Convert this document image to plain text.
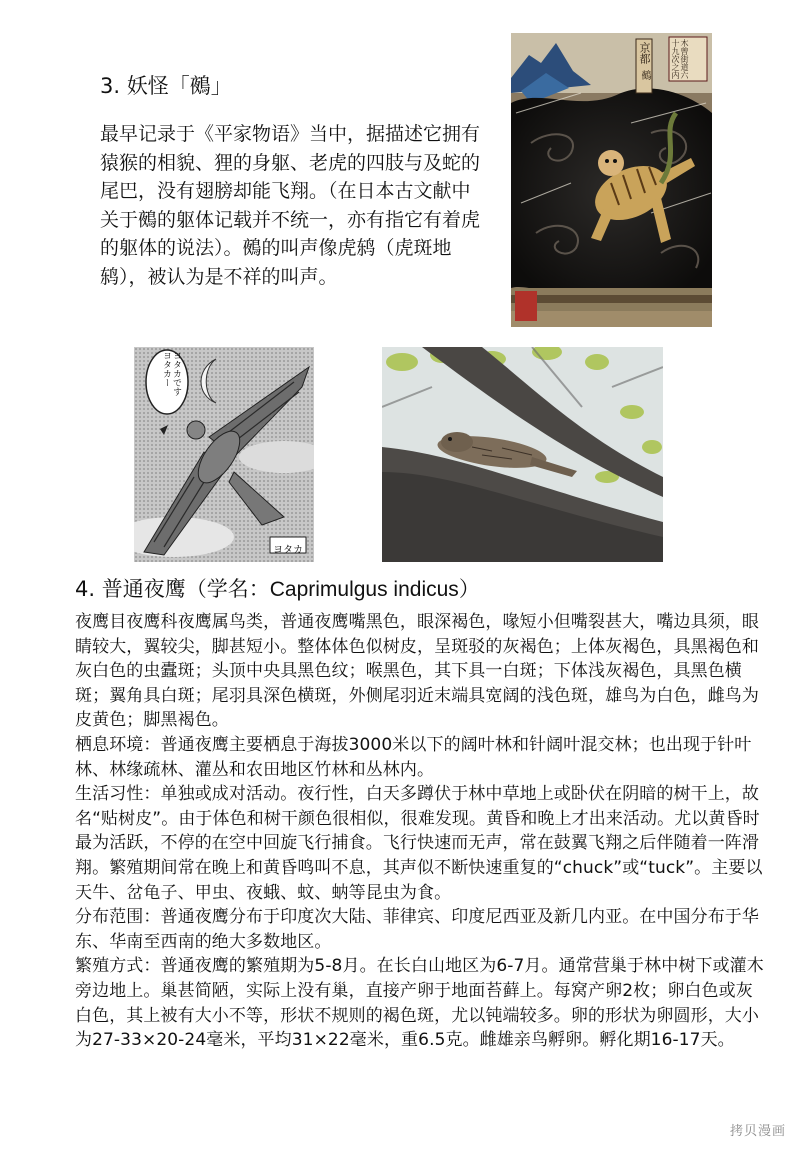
3. 妖怪「鵺」

最早记录于《平家物语》当中，据描述它拥有猿猴的相貌、狸的身躯、老虎的四肢与及蛇的尾巴，没有翅膀却能飞翔。（在日本古文献中关于鵺的躯体记载并不统一，亦有指它有着虎的躯体的说法）。鵺的叫声像虎鸫（虎斑地鸫），被认为是不祥的叫声。

木曾街道六十九次之内
京都
鵺
ヨタカです ヨタカー
ヨタカ
4. 普通夜鹰（学名：Caprimulgus indicus）

夜鹰目夜鹰科夜鹰属鸟类，普通夜鹰嘴黑色，眼深褐色，喙短小但嘴裂甚大，嘴边具须，眼睛较大，翼较尖，脚甚短小。整体体色似树皮，呈斑驳的灰褐色；上体灰褐色，具黑褐色和灰白色的虫蠹斑；头顶中央具黑色纹；喉黑色，其下具一白斑；下体浅灰褐色，具黑色横斑；翼角具白斑；尾羽具深色横斑，外侧尾羽近末端具宽阔的浅色斑，雄鸟为白色，雌鸟为皮黄色；脚黑褐色。

栖息环境：普通夜鹰主要栖息于海拔3000米以下的阔叶林和针阔叶混交林；也出现于针叶林、林缘疏林、灌丛和农田地区竹林和丛林内。

生活习性：单独或成对活动。夜行性，白天多蹲伏于林中草地上或卧伏在阴暗的树干上，故名“贴树皮”。由于体色和树干颜色很相似，很难发现。黄昏和晚上才出来活动。尤以黄昏时最为活跃，不停的在空中回旋飞行捕食。飞行快速而无声，常在鼓翼飞翔之后伴随着一阵滑翔。繁殖期间常在晚上和黄昏鸣叫不息，其声似不断快速重复的“chuck”或“tuck”。主要以天牛、岔龟子、甲虫、夜蛾、蚊、蚋等昆虫为食。

分布范围：普通夜鹰分布于印度次大陆、菲律宾、印度尼西亚及新几内亚。在中国分布于华东、华南至西南的绝大多数地区。

繁殖方式：普通夜鹰的繁殖期为5-8月。在长白山地区为6-7月。通常营巢于林中树下或灌木旁边地上。巢甚简陋，实际上没有巢，直接产卵于地面苔藓上。每窝产卵2枚；卵白色或灰白色，其上被有大小不等，形状不规则的褐色斑，尤以钝端较多。卵的形状为卵圆形，大小为27-33×20-24毫米，平均31×22毫米，重6.5克。雌雄亲鸟孵卵。孵化期16-17天。

拷贝漫画
